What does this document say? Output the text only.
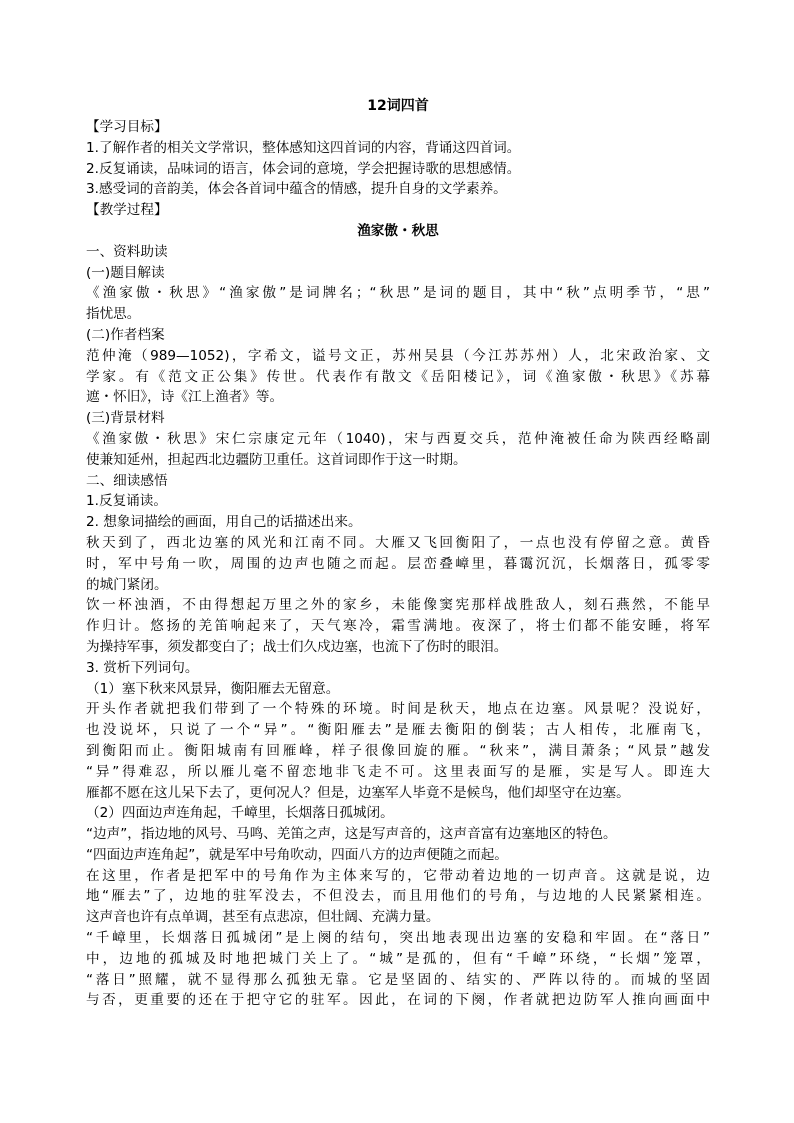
12词四首
【学习目标】
1.了解作者的相关文学常识，整体感知这四首词的内容，背诵这四首词。
2.反复诵读，品味词的语言，体会词的意境，学会把握诗歌的思想感情。
3.感受词的音韵美，体会各首词中蕴含的情感，提升自身的文学素养。
【教学过程】
渔家傲・秋思
一、资料助读
(一)题目解读
《渔家傲・秋思》“渔家傲”是词牌名；“秋思”是词的题目，其中“秋”点明季节，“思”
指忧思。
(二)作者档案
范仲淹（989—1052)，字希文，谥号文正，苏州吴县（今江苏苏州）人，北宋政治家、文
学家。有《范文正公集》传世。代表作有散文《岳阳楼记》，词《渔家傲・秋思》《苏幕
遮・怀旧》，诗《江上渔者》等。
(三)背景材料
《渔家傲・秋思》宋仁宗康定元年（1040)，宋与西夏交兵，范仲淹被任命为陕西经略副
使兼知延州，担起西北边疆防卫重任。这首词即作于这一时期。
二、细读感悟
1.反复诵读。
2. 想象词描绘的画面，用自己的话描述出来。
秋天到了，西北边塞的风光和江南不同。大雁又飞回衡阳了，一点也没有停留之意。黄昏
时，军中号角一吹，周围的边声也随之而起。层峦叠嶂里，暮霭沉沉，长烟落日，孤零零
的城门紧闭。
饮一杯浊酒，不由得想起万里之外的家乡，未能像窦宪那样战胜敌人，刻石燕然，不能早
作归计。悠扬的羌笛响起来了，天气寒冷，霜雪满地。夜深了，将士们都不能安睡，将军
为操持军事，须发都变白了；战士们久戍边塞，也流下了伤时的眼泪。
3. 赏析下列词句。
（1）塞下秋来风景异，衡阳雁去无留意。
开头作者就把我们带到了一个特殊的环境。时间是秋天，地点在边塞。风景呢？没说好，
也没说坏，只说了一个“异”。“衡阳雁去”是雁去衡阳的倒装；古人相传，北雁南飞，
到衡阳而止。衡阳城南有回雁峰，样子很像回旋的雁。“秋来”，满目萧条；“风景”越发
“异”得难忍，所以雁儿毫不留恋地非飞走不可。这里表面写的是雁，实是写人。即连大
雁都不愿在这儿呆下去了，更何况人？但是，边塞军人毕竟不是候鸟，他们却坚守在边塞。
（2）四面边声连角起，千嶂里，长烟落日孤城闭。
“边声”，指边地的风号、马鸣、羌笛之声，这是写声音的，这声音富有边塞地区的特色。
“四面边声连角起”，就是军中号角吹动，四面八方的边声便随之而起。
在这里，作者是把军中的号角作为主体来写的，它带动着边地的一切声音。这就是说，边
地“雁去”了，边地的驻军没去，不但没去，而且用他们的号角，与边地的人民紧紧相连。
这声音也许有点单调，甚至有点悲凉，但壮阔、充满力量。
“千嶂里，长烟落日孤城闭”是上阕的结句，突出地表现出边塞的安稳和牢固。在“落日”
中，边地的孤城及时地把城门关上了。“城”是孤的，但有“千嶂”环绕，“长烟”笼罩，
“落日”照耀，就不显得那么孤独无靠。它是坚固的、结实的、严阵以待的。而城的坚固
与否，更重要的还在于把守它的驻军。因此，在词的下阕，作者就把边防军人推向画面中
